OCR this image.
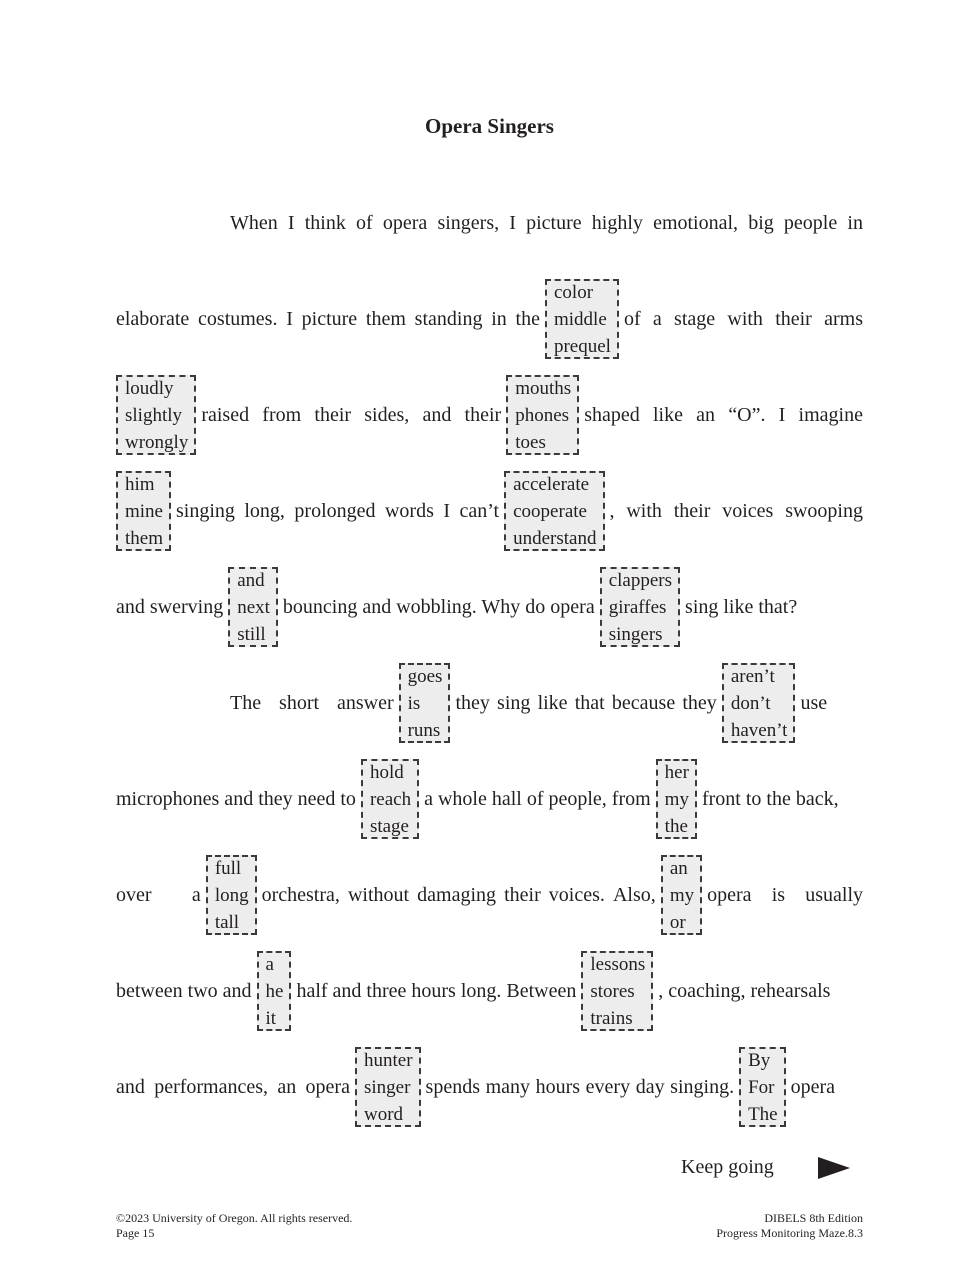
Opera Singers
When I think of opera singers, I picture highly emotional, big people in
elaborate costumes. I picture them standing in the
color
middle
prequel
of a stage with their arms
loudly
slightly
wrongly
raised from their sides, and their
mouths
phones
toes
shaped like an “O”. I imagine
him
mine
them
singing long, prolonged words I can’t
accelerate
cooperate
understand
, with their voices swooping
and swerving
and
next
still
bouncing and wobbling. Why do opera
clappers
giraffes
singers
sing like that?
The short answer
goes
is
runs
they sing like that because they
aren’t
don’t
haven’t
use
microphones and they need to
hold
reach
stage
a whole hall of people, from
her
my
the
front to the back,
over a
full
long
tall
orchestra, without damaging their voices. Also,
an
my
or
opera is usually
between two and
a
he
it
half and three hours long. Between
lessons
stores
trains
, coaching, rehearsals
and performances, an opera
hunter
singer
word
spends many hours every day singing.
By
For
The
opera
Keep going
©2023 University of Oregon. All rights reserved.
Page 15
DIBELS 8th Edition
Progress Monitoring Maze.8.3
